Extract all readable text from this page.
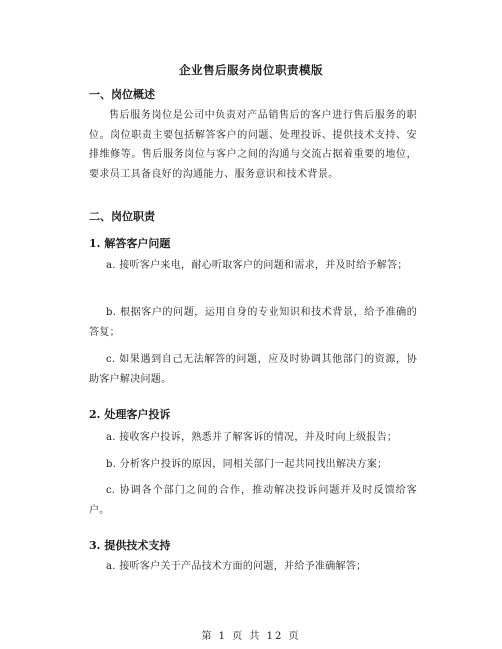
企业售后服务岗位职责模版
一、岗位概述
售后服务岗位是公司中负责对产品销售后的客户进行售后服务的职位。岗位职责主要包括解答客户的问题、处理投诉、提供技术支持、安排维修等。售后服务岗位与客户之间的沟通与交流占据着重要的地位，要求员工具备良好的沟通能力、服务意识和技术背景。
二、岗位职责
1. 解答客户问题
a. 接听客户来电，耐心听取客户的问题和需求，并及时给予解答；
b. 根据客户的问题，运用自身的专业知识和技术背景，给予准确的答复；
c. 如果遇到自己无法解答的问题，应及时协调其他部门的资源，协助客户解决问题。
2. 处理客户投诉
a. 接收客户投诉，熟悉并了解客诉的情况，并及时向上级报告；
b. 分析客户投诉的原因，同相关部门一起共同找出解决方案；
c. 协调各个部门之间的合作，推动解决投诉问题并及时反馈给客户。
3. 提供技术支持
a. 接听客户关于产品技术方面的问题，并给予准确解答；
第 1 页 共 12 页
